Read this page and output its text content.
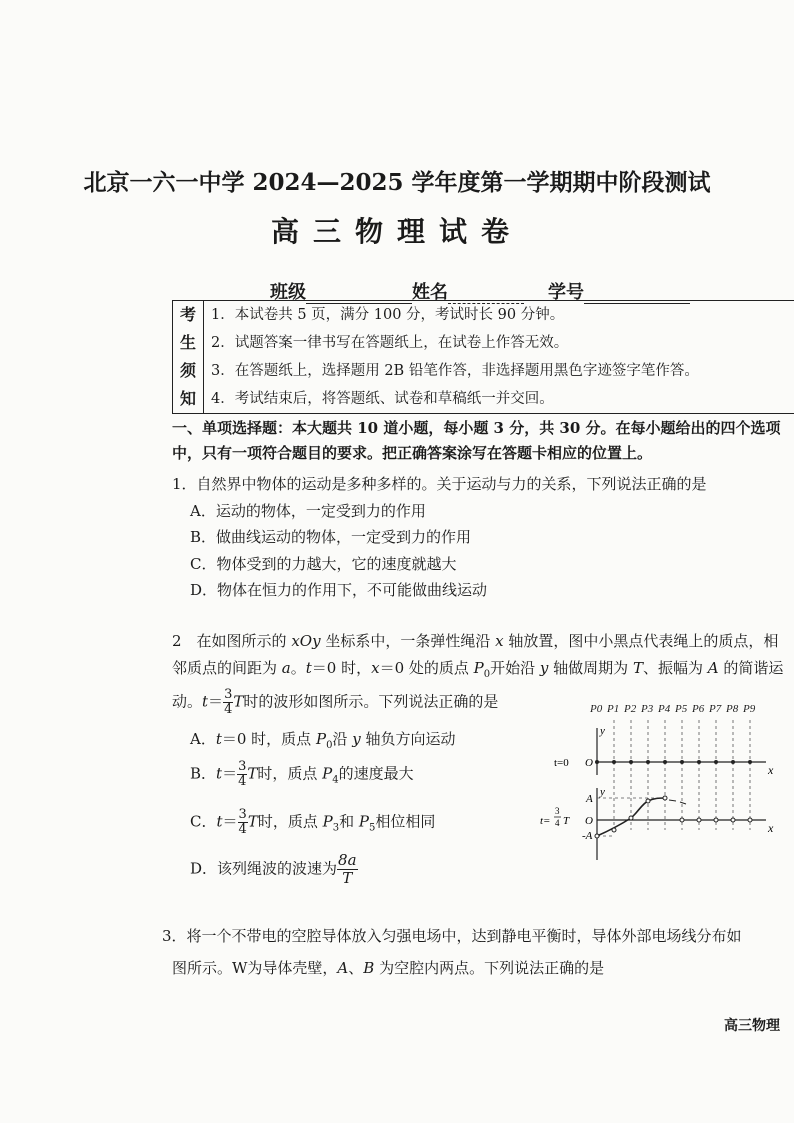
北京一六一中学 2024—2025 学年度第一学期期中阶段测试
高三物理试卷
班级	姓名	学号
考
生
须
知
1．本试卷共 5 页，满分 100 分，考试时长 90 分钟。
2．试题答案一律书写在答题纸上，在试卷上作答无效。
3．在答题纸上，选择题用 2B 铅笔作答，非选择题用黑色字迹签字笔作答。
4．考试结束后，将答题纸、试卷和草稿纸一并交回。
一、单项选择题：本大题共 10 道小题，每小题 3 分，共 30 分。在每小题给出的四个选项中，只有一项符合题目的要求。把正确答案涂写在答题卡相应的位置上。
1．自然界中物体的运动是多种多样的。关于运动与力的关系，下列说法正确的是
A．运动的物体，一定受到力的作用
B．做曲线运动的物体，一定受到力的作用
C．物体受到的力越大，它的速度就越大
D．物体在恒力的作用下，不可能做曲线运动
2　在如图所示的 xOy 坐标系中，一条弹性绳沿 x 轴放置，图中小黑点代表绳上的质点，相
邻质点的间距为 a。t＝0 时，x＝0 处的质点 $P_0$开始沿 y 轴做周期为 T、振幅为 A 的简谐运
动。$t= \frac{3}{4}$ T时的波形如图所示。下列说法正确的是
A．t＝0 时，质点 $P_0$沿 y 轴负方向运动
B．$t= \frac{3}{4}$ T时，质点 $P_4$的速度最大
C．$t= \frac{3}{4}$ T时，质点 $P_3$和 $P_5$相位相同
D．该列绳波的波速为 $\frac{8a}{T}$
P0 P1 P2 P3 P4 P5 P6 P7 P8 P9
y
x
t=0 O
y
x
A
-A
O
t=
3
4 T
3．将一个不带电的空腔导体放入匀强电场中，达到静电平衡时，导体外部电场线分布如
图所示。W为导体壳壁，A、B 为空腔内两点。下列说法正确的是
高三物理
